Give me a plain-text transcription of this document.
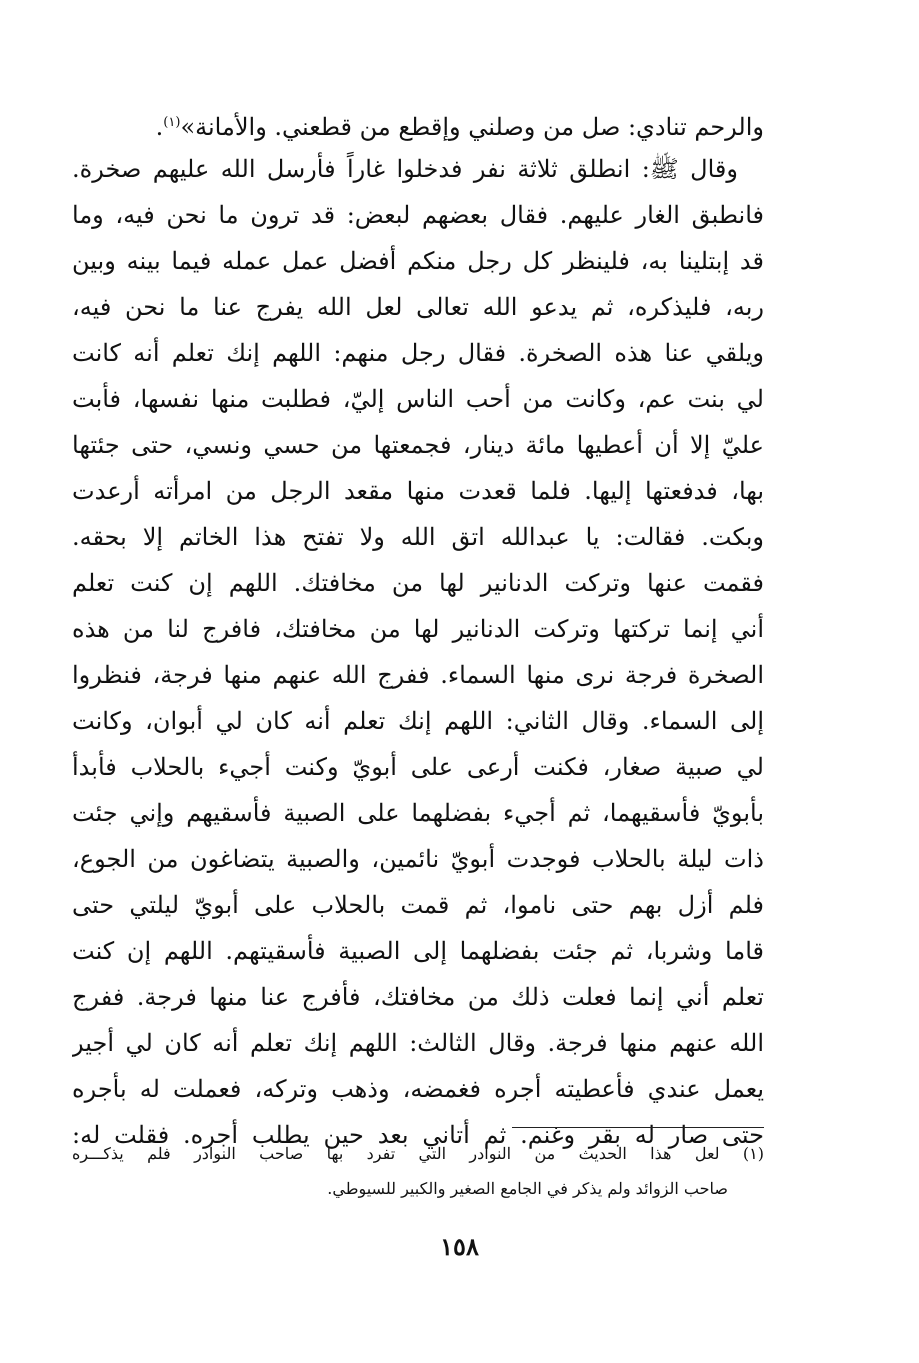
والرحم تنادي: صل من وصلني وإقطع من قطعني. والأمانة»$^{(١)}$.
وقال ﷺ: انطلق ثلاثة نفر فدخلوا غاراً فأرسل الله عليهم صخرة.
فانطبق الغار عليهم. فقال بعضهم لبعض: قد ترون ما نحن فيه، وما
قد إبتلينا به، فلينظر كل رجل منكم أفضل عمل عمله فيما بينه وبين
ربه، فليذكره، ثم يدعو الله تعالى لعل الله يفرج عنا ما نحن فيه،
ويلقي عنا هذه الصخرة. فقال رجل منهم: اللهم إنك تعلم أنه كانت
لي بنت عم، وكانت من أحب الناس إليّ، فطلبت منها نفسها، فأبت
عليّ إلا أن أعطيها مائة دينار، فجمعتها من حسي ونسي، حتى جئتها
بها، فدفعتها إليها. فلما قعدت منها مقعد الرجل من امرأته أرعدت
وبكت. فقالت: يا عبدالله اتق الله ولا تفتح هذا الخاتم إلا بحقه.
فقمت عنها وتركت الدنانير لها من مخافتك. اللهم إن كنت تعلم
أني إنما تركتها وتركت الدنانير لها من مخافتك، فافرج لنا من هذه
الصخرة فرجة نرى منها السماء. ففرج الله عنهم منها فرجة، فنظروا
إلى السماء. وقال الثاني: اللهم إنك تعلم أنه كان لي أبوان، وكانت
لي صبية صغار، فكنت أرعى على أبويّ وكنت أجيء بالحلاب فأبدأ
بأبويّ فأسقيهما، ثم أجيء بفضلهما على الصبية فأسقيهم وإني جئت
ذات ليلة بالحلاب فوجدت أبويّ نائمين، والصبية يتضاغون من الجوع،
فلم أزل بهم حتى ناموا، ثم قمت بالحلاب على أبويّ ليلتي حتى
قاما وشربا، ثم جئت بفضلهما إلى الصبية فأسقيتهم. اللهم إن كنت
تعلم أني إنما فعلت ذلك من مخافتك، فأفرج عنا منها فرجة. ففرج
الله عنهم منها فرجة. وقال الثالث: اللهم إنك تعلم أنه كان لي أجير
يعمل عندي فأعطيته أجره فغمضه، وذهب وتركه، فعملت له بأجره
حتى صار له بقر وغنم. ثم أتاني بعد حين يطلب أجره. فقلت له:
(١) لعل هذا الحديث من النوادر التي تفرد بها صاحب النوادر فلم يذكـــره
صاحب الزوائد ولم يذكر في الجامع الصغير والكبير للسيوطي.
١٥٨
